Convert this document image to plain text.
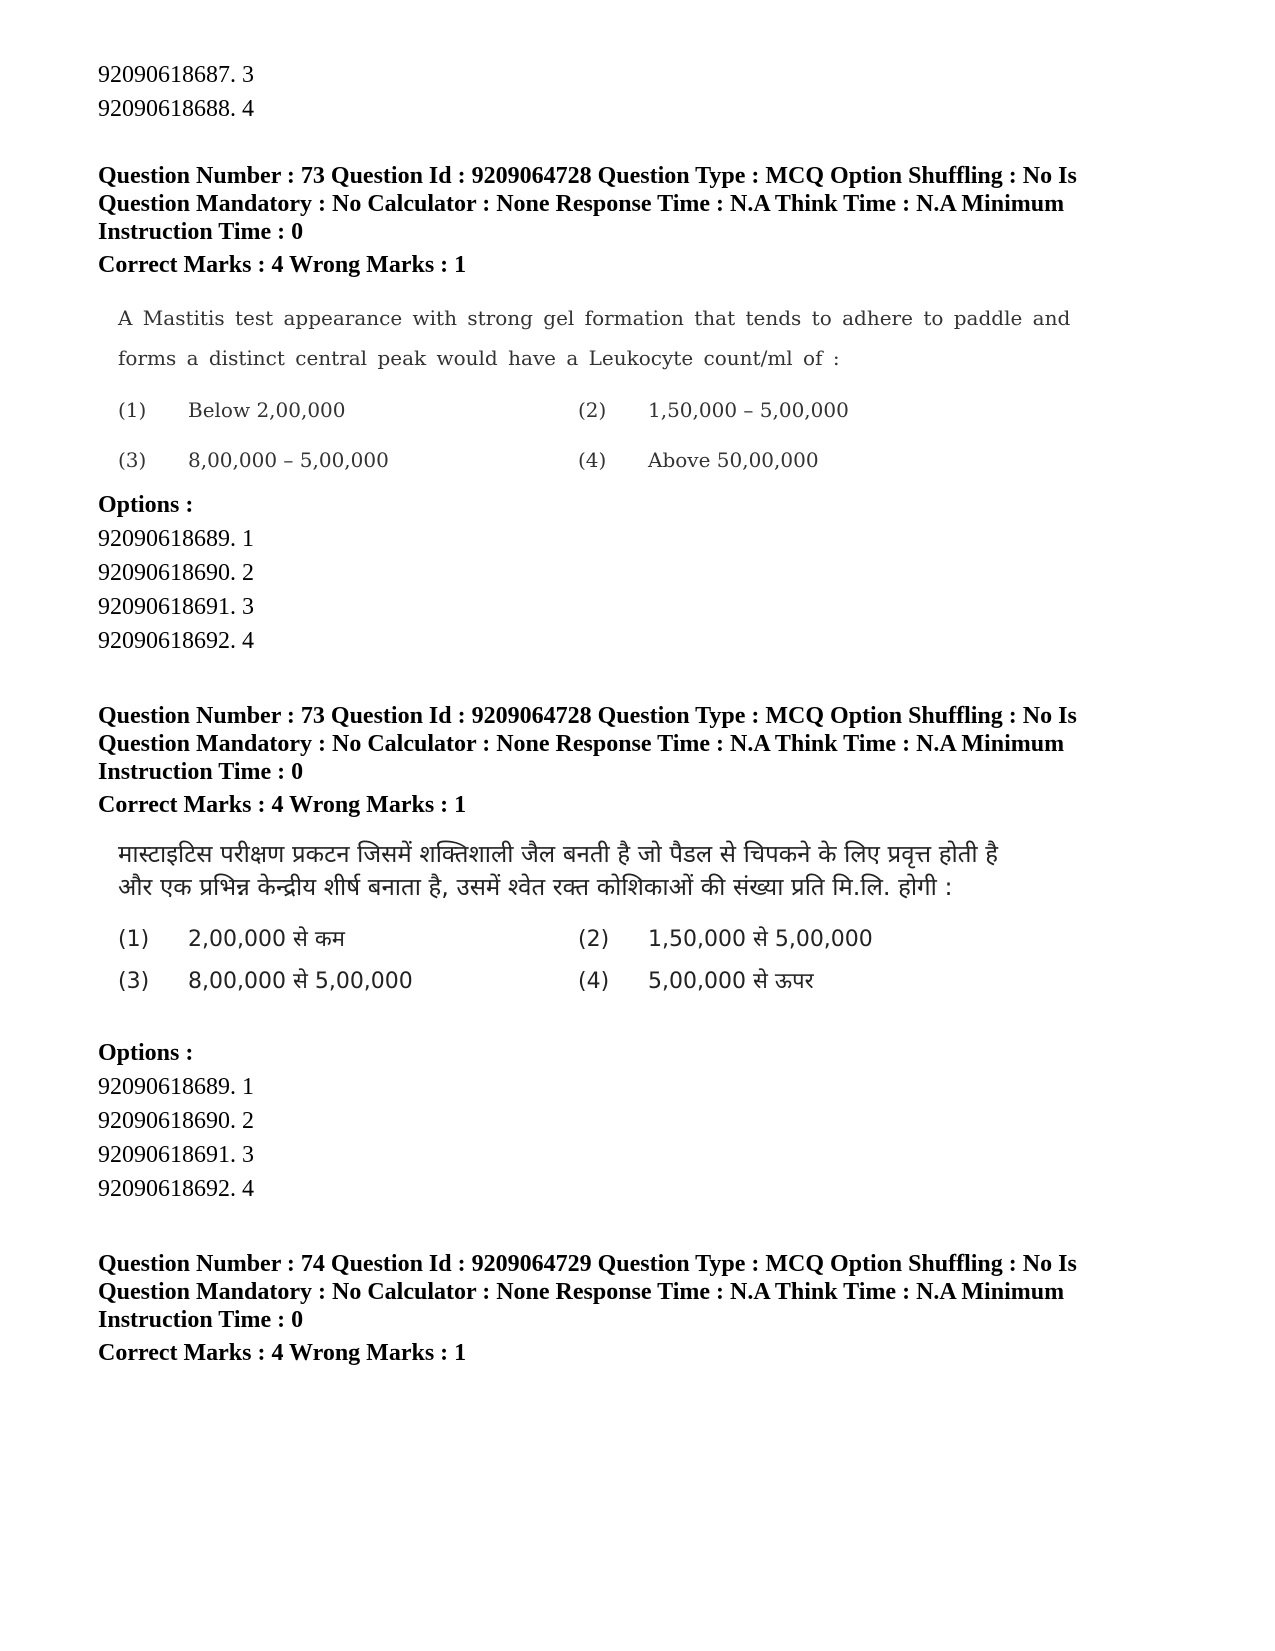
92090618687. 3
92090618688. 4
Question Number : 73 Question Id : 9209064728 Question Type : MCQ Option Shuffling : No Is
Question Mandatory : No Calculator : None Response Time : N.A Think Time : N.A Minimum
Instruction Time : 0
Correct Marks : 4 Wrong Marks : 1
A Mastitis test appearance with strong gel formation that tends to adhere to paddle and
forms a distinct central peak would have a Leukocyte count/ml of :
(1)	Below 2,00,000	(2)	1,50,000 – 5,00,000
(3)	8,00,000 – 5,00,000	(4)	Above 50,00,000
Options :
92090618689. 1
92090618690. 2
92090618691. 3
92090618692. 4
Question Number : 73 Question Id : 9209064728 Question Type : MCQ Option Shuffling : No Is
Question Mandatory : No Calculator : None Response Time : N.A Think Time : N.A Minimum
Instruction Time : 0
Correct Marks : 4 Wrong Marks : 1
मास्टाइटिस परीक्षण प्रकटन जिसमें शक्तिशाली जैल बनती है जो पैडल से चिपकने के लिए प्रवृत्त होती है
और एक प्रभिन्न केन्द्रीय शीर्ष बनाता है, उसमें श्वेत रक्त कोशिकाओं की संख्या प्रति मि.लि. होगी :
(1)	2,00,000 से कम	(2)	1,50,000 से 5,00,000
(3)	8,00,000 से 5,00,000	(4)	5,00,000 से ऊपर
Options :
92090618689. 1
92090618690. 2
92090618691. 3
92090618692. 4
Question Number : 74 Question Id : 9209064729 Question Type : MCQ Option Shuffling : No Is
Question Mandatory : No Calculator : None Response Time : N.A Think Time : N.A Minimum
Instruction Time : 0
Correct Marks : 4 Wrong Marks : 1
